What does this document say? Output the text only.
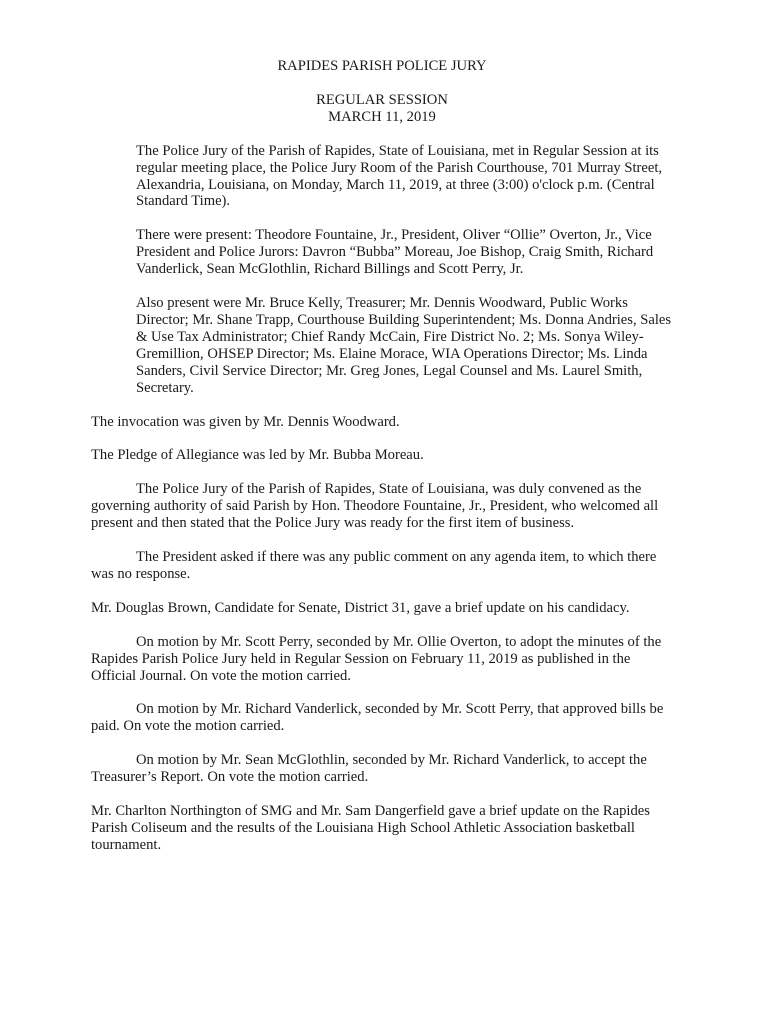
RAPIDES PARISH POLICE JURY
REGULAR SESSION
MARCH 11, 2019

The Police Jury of the Parish of Rapides, State of Louisiana, met in Regular Session at its regular meeting place, the Police Jury Room of the Parish Courthouse, 701 Murray Street, Alexandria, Louisiana, on Monday, March 11, 2019, at three (3:00) o'clock p.m. (Central Standard Time).

There were present: Theodore Fountaine, Jr., President, Oliver “Ollie” Overton, Jr., Vice President and Police Jurors: Davron “Bubba” Moreau, Joe Bishop, Craig Smith, Richard Vanderlick, Sean McGlothlin, Richard Billings and Scott Perry, Jr.

Also present were Mr. Bruce Kelly, Treasurer; Mr. Dennis Woodward, Public Works Director; Mr. Shane Trapp, Courthouse Building Superintendent; Ms. Donna Andries, Sales & Use Tax Administrator; Chief Randy McCain, Fire District No. 2; Ms. Sonya Wiley-Gremillion, OHSEP Director; Ms. Elaine Morace, WIA Operations Director; Ms. Linda Sanders, Civil Service Director; Mr. Greg Jones, Legal Counsel and Ms. Laurel Smith, Secretary.

The invocation was given by Mr. Dennis Woodward.

The Pledge of Allegiance was led by Mr. Bubba Moreau.

The Police Jury of the Parish of Rapides, State of Louisiana, was duly convened as the governing authority of said Parish by Hon. Theodore Fountaine, Jr., President, who welcomed all present and then stated that the Police Jury was ready for the first item of business.

The President asked if there was any public comment on any agenda item, to which there was no response.

Mr. Douglas Brown, Candidate for Senate, District 31, gave a brief update on his candidacy.

On motion by Mr. Scott Perry, seconded by Mr. Ollie Overton, to adopt the minutes of the Rapides Parish Police Jury held in Regular Session on February 11, 2019 as published in the Official Journal. On vote the motion carried.

On motion by Mr. Richard Vanderlick, seconded by Mr. Scott Perry, that approved bills be paid. On vote the motion carried.

On motion by Mr. Sean McGlothlin, seconded by Mr. Richard Vanderlick, to accept the Treasurer’s Report. On vote the motion carried.

Mr. Charlton Northington of SMG and Mr. Sam Dangerfield gave a brief update on the Rapides Parish Coliseum and the results of the Louisiana High School Athletic Association basketball tournament.
